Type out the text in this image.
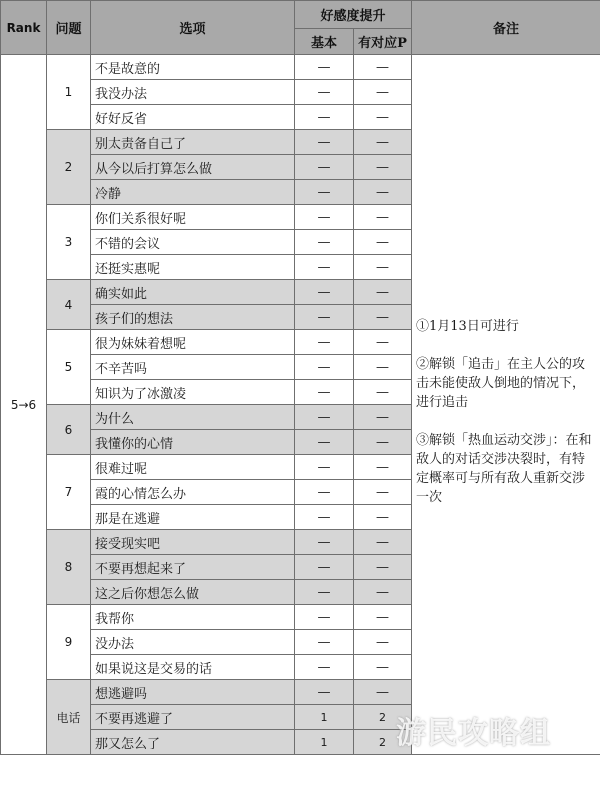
Rank	问题	选项	好感度提升		备注
			基本	有对应P	
5→6	1	不是故意的	—	—	①1月13日可进行

②解锁「追击」在主人公的攻击未能使敌人倒地的情况下，进行追击

③解锁「热血运动交涉」：在和敌人的对话交涉决裂时，有特定概率可与所有敌人重新交涉一次

		我没办法	—	—	
		好好反省	—	—	
	2	别太责备自己了	—	—	
		从今以后打算怎么做	—	—	
		冷静	—	—	
	3	你们关系很好呢	—	—	
		不错的会议	—	—	
		还挺实惠呢	—	—	
	4	确实如此	—	—	
		孩子们的想法	—	—	
	5	很为妹妹着想呢	—	—	
		不辛苦吗	—	—	
		知识为了冰激凌	—	—	
	6	为什么	—	—	
		我懂你的心情	—	—	
	7	很难过呢	—	—	
		霞的心情怎么办	—	—	
		那是在逃避	—	—	
	8	接受现实吧	—	—	
		不要再想起来了	—	—	
		这之后你想怎么做	—	—	
	9	我帮你	—	—	
		没办法	—	—	
		如果说这是交易的话	—	—	
	电话	想逃避吗	—	—	
		不要再逃避了	1	2	
		那又怎么了	1	2	游民攻略组
